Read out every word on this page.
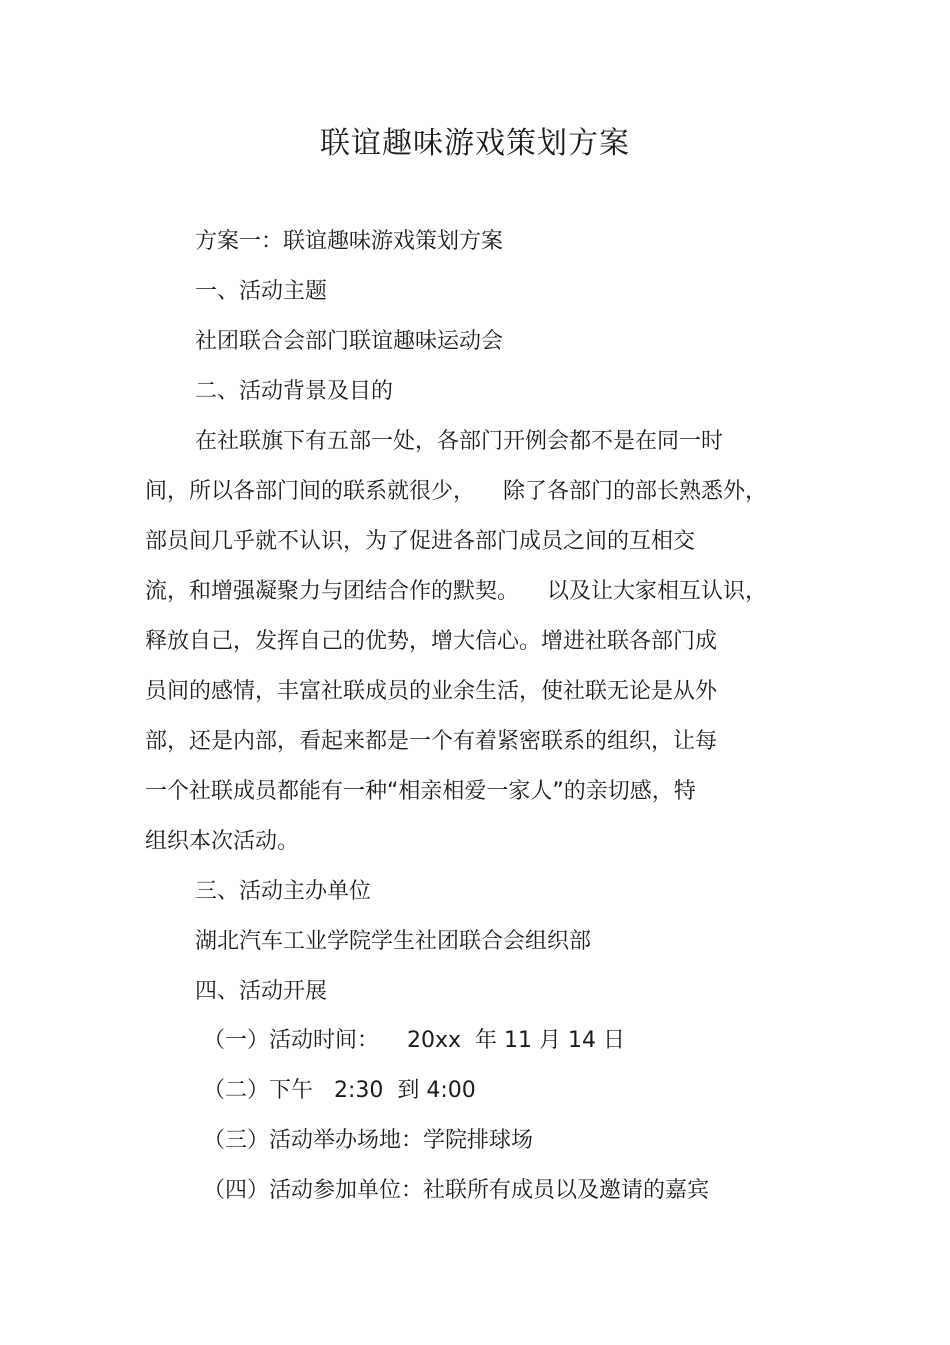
联谊趣味游戏策划方案
方案一：联谊趣味游戏策划方案
一、活动主题
社团联合会部门联谊趣味运动会
二、活动背景及目的
在社联旗下有五部一处，各部门开例会都不是在同一时
间，所以各部门间的联系就很少，    除了各部门的部长熟悉外，
部员间几乎就不认识，为了促进各部门成员之间的互相交
流，和增强凝聚力与团结合作的默契。    以及让大家相互认识，
释放自己，发挥自己的优势，增大信心。增进社联各部门成
员间的感情，丰富社联成员的业余生活，使社联无论是从外
部，还是内部，看起来都是一个有着紧密联系的组织，让每
一个社联成员都能有一种“相亲相爱一家人”的亲切感，特
组织本次活动。
三、活动主办单位
湖北汽车工业学院学生社团联合会组织部
四、活动开展
（一）活动时间：    20xx  年 11 月 14 日
（二）下午   2:30  到 4:00
（三）活动举办场地：学院排球场
（四）活动参加单位：社联所有成员以及邀请的嘉宾
